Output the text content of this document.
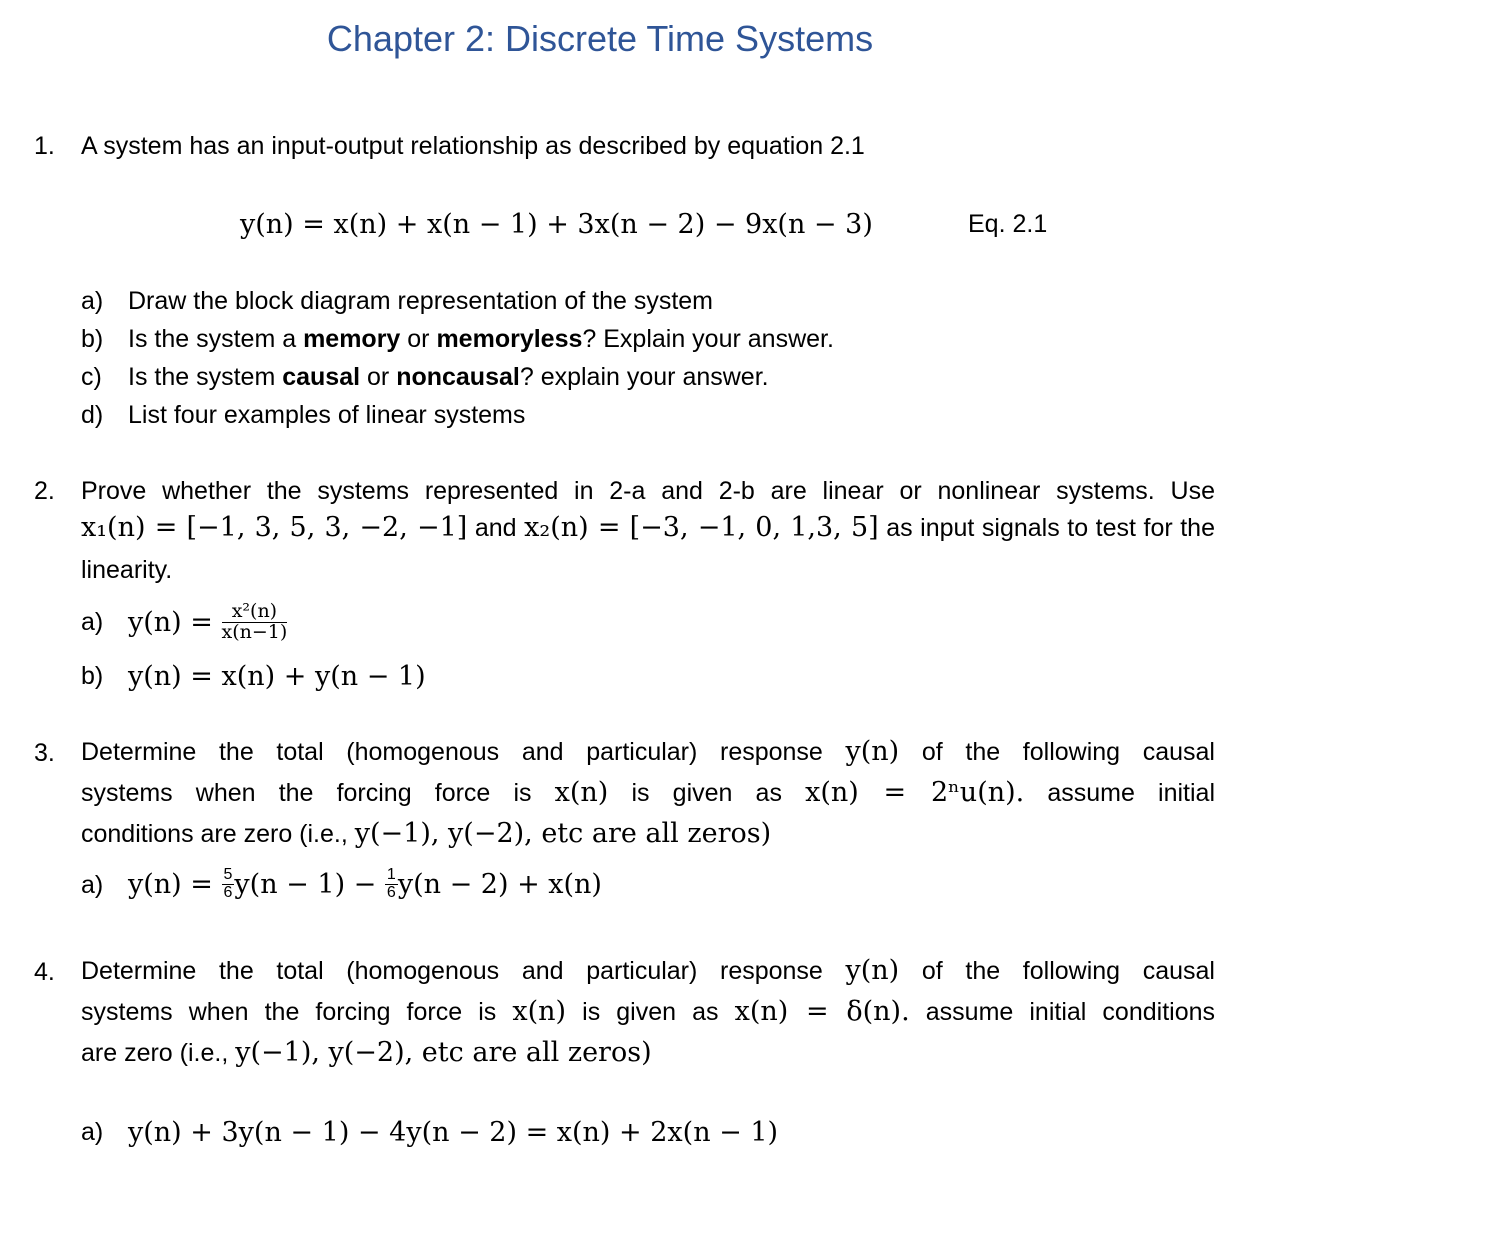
Chapter 2: Discrete Time Systems
1. A system has an input-output relationship as described by equation 2.1
y(n) = x(n) + x(n − 1) + 3x(n − 2) − 9x(n − 3)	Eq. 2.1
a) Draw the block diagram representation of the system
b) Is the system a memory or memoryless? Explain your answer.
c) Is the system causal or noncausal? explain your answer.
d) List four examples of linear systems
2. Prove whether the systems represented in 2-a and 2-b are linear or nonlinear systems. Use
x₁(n) = [−1, 3, 5, 3, −2, −1] and x₂(n) = [−3, −1, 0, 1,3, 5] as input signals to test for the
linearity.
a) y(n) =
$\frac{\text{x²(n)}}{x(n-1)}$
b) y(n) = x(n) + y(n − 1)
3. Determine the total (homogenous and particular) response y(n) of the following causal
systems when the forcing force is x(n) is given as x(n) = 2ⁿu(n). assume initial
conditions are zero (i.e., y(−1), y(−2), etc are all zeros)
a) y(n) =
$\frac{5}{6} y(n - 1)$ −
$\frac{1}{6} y(n - 2) + x(n)$
4. Determine the total (homogenous and particular) response y(n) of the following causal
systems when the forcing force is x(n) is given as x(n) = δ(n). assume initial conditions
are zero (i.e., y(−1), y(−2), etc are all zeros)
a) y(n) + 3y(n − 1) − 4y(n − 2) = x(n) + 2x(n − 1)
